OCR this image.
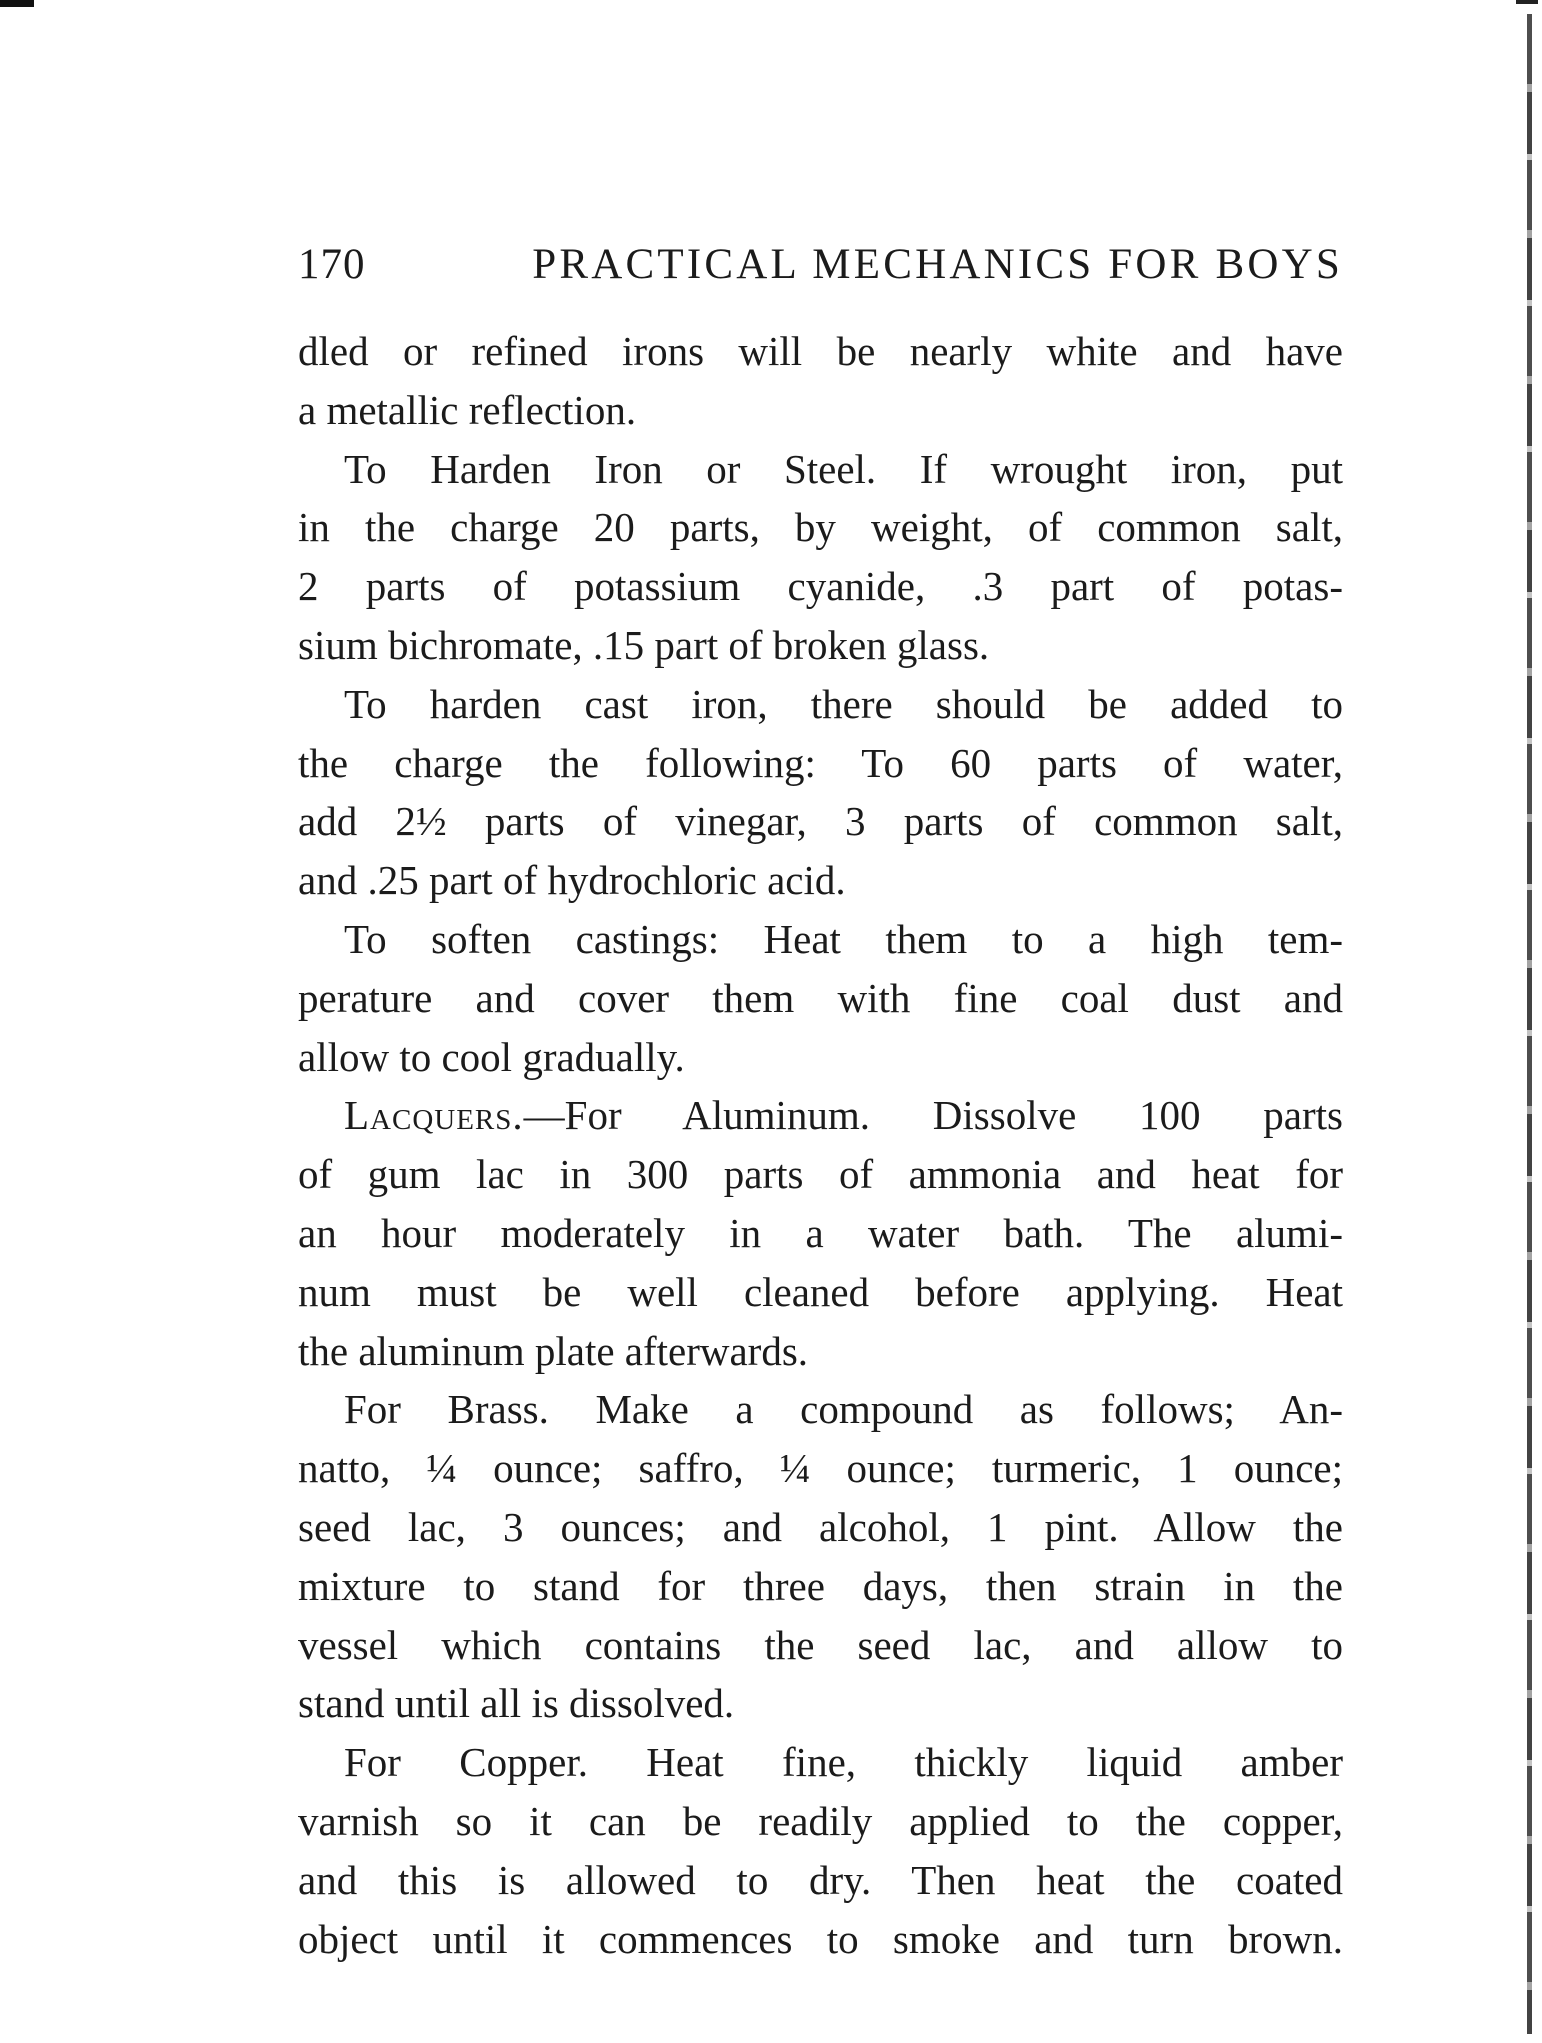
170	PRACTICAL MECHANICS FOR BOYS
dled or refined irons will be nearly white and have
a metallic reflection.
To Harden Iron or Steel. If wrought iron, put
in the charge 20 parts, by weight, of common salt,
2 parts of potassium cyanide, .3 part of potas-
sium bichromate, .15 part of broken glass.
To harden cast iron, there should be added to
the charge the following: To 60 parts of water,
add 2½ parts of vinegar, 3 parts of common salt,
and .25 part of hydrochloric acid.
To soften castings: Heat them to a high tem-
perature and cover them with fine coal dust and
allow to cool gradually.
Lacquers.—For Aluminum. Dissolve 100 parts
of gum lac in 300 parts of ammonia and heat for
an hour moderately in a water bath. The alumi-
num must be well cleaned before applying. Heat
the aluminum plate afterwards.
For Brass. Make a compound as follows; An-
natto, ¼ ounce; saffro, ¼ ounce; turmeric, 1 ounce;
seed lac, 3 ounces; and alcohol, 1 pint. Allow the
mixture to stand for three days, then strain in the
vessel which contains the seed lac, and allow to
stand until all is dissolved.
For Copper. Heat fine, thickly liquid amber
varnish so it can be readily applied to the copper,
and this is allowed to dry. Then heat the coated
object until it commences to smoke and turn brown.
